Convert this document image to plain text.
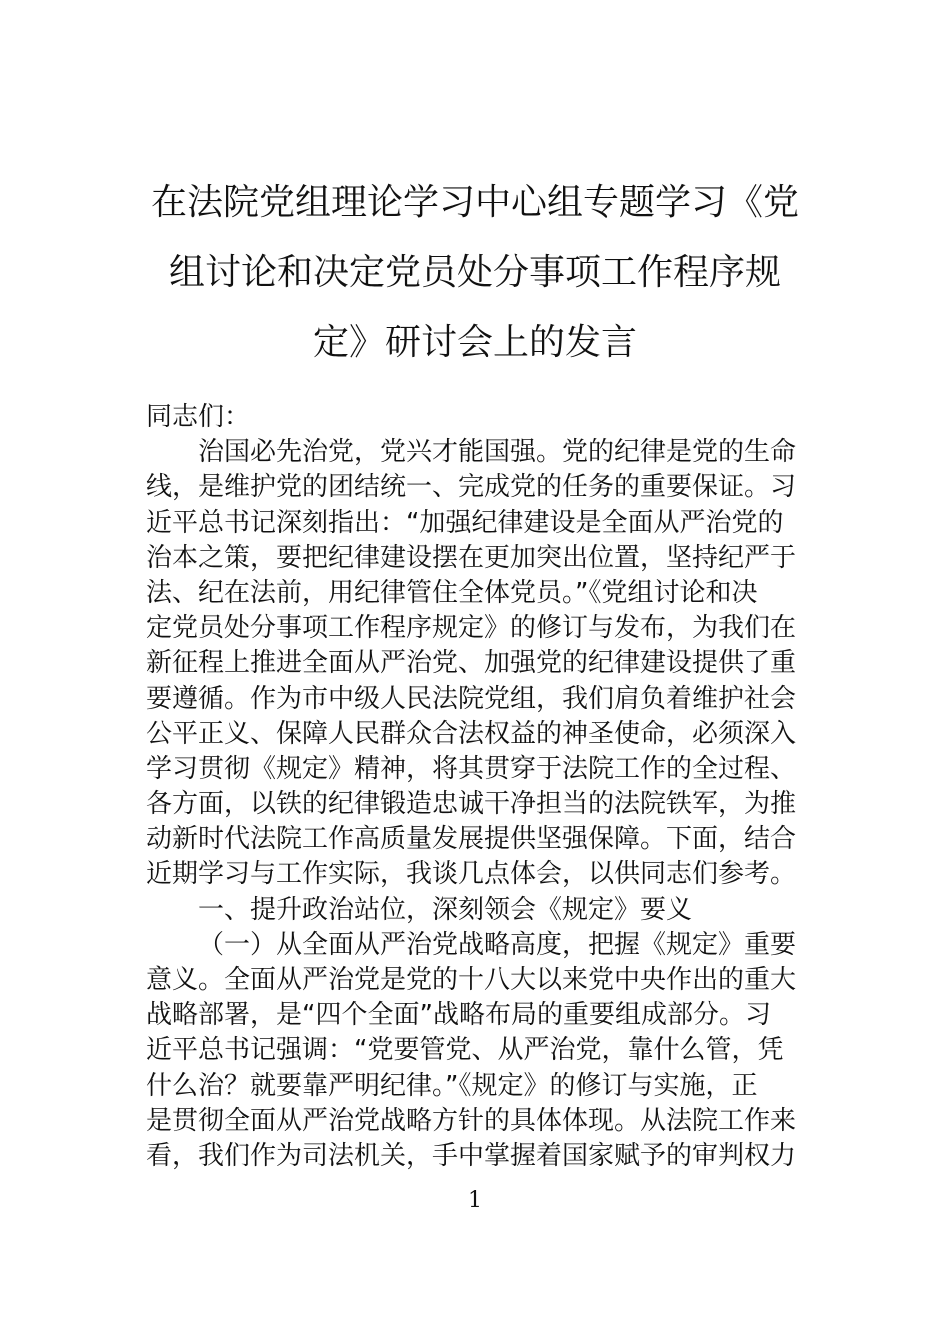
在法院党组理论学习中心组专题学习《党
组讨论和决定党员处分事项工作程序规
定》研讨会上的发言
同志们：
治国必先治党，党兴才能国强。党的纪律是党的生命
线，是维护党的团结统一、完成党的任务的重要保证。习
近平总书记深刻指出：“加强纪律建设是全面从严治党的
治本之策，要把纪律建设摆在更加突出位置，坚持纪严于
法、纪在法前，用纪律管住全体党员。”《党组讨论和决
定党员处分事项工作程序规定》的修订与发布，为我们在
新征程上推进全面从严治党、加强党的纪律建设提供了重
要遵循。作为市中级人民法院党组，我们肩负着维护社会
公平正义、保障人民群众合法权益的神圣使命，必须深入
学习贯彻《规定》精神，将其贯穿于法院工作的全过程、
各方面，以铁的纪律锻造忠诚干净担当的法院铁军，为推
动新时代法院工作高质量发展提供坚强保障。下面，结合
近期学习与工作实际，我谈几点体会，以供同志们参考。
一、提升政治站位，深刻领会《规定》要义
（一）从全面从严治党战略高度，把握《规定》重要
意义。全面从严治党是党的十八大以来党中央作出的重大
战略部署，是“四个全面”战略布局的重要组成部分。习
近平总书记强调：“党要管党、从严治党，靠什么管，凭
什么治？就要靠严明纪律。”《规定》的修订与实施，正
是贯彻全面从严治党战略方针的具体体现。从法院工作来
看，我们作为司法机关，手中掌握着国家赋予的审判权力
1
